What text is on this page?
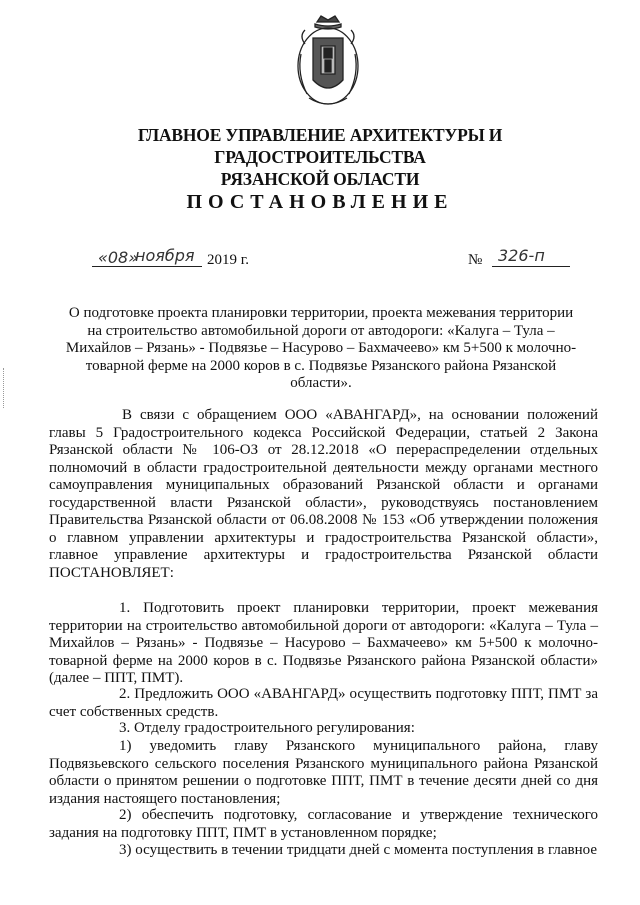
ГЛАВНОЕ УПРАВЛЕНИЕ АРХИТЕКТУРЫ И ГРАДОСТРОИТЕЛЬСТВА
РЯЗАНСКОЙ ОБЛАСТИ
ПОСТАНОВЛЕНИЕ
«08»
ноября 2019 г.	№ 326-п
О подготовке проекта планировки территории, проекта межевания территории на строительство автомобильной дороги от автодороги: «Калуга – Тула – Михайлов – Рязань» - Подвязье – Насурово – Бахмачеево» км 5+500 к молочно-товарной ферме на 2000 коров в с. Подвязье Рязанского района Рязанской области».
В связи с обращением ООО «АВАНГАРД», на основании положений главы 5 Градостроительного кодекса Российской Федерации, статьей 2 Закона Рязанской области № 106-ОЗ от 28.12.2018 «О перераспределении отдельных полномочий в области градостроительной деятельности между органами местного самоуправления муниципальных образований Рязанской области и органами государственной власти Рязанской области», руководствуясь постановлением Правительства Рязанской области от 06.08.2008 № 153 «Об утверждении положения о главном управлении архитектуры и градостроительства Рязанской области», главное управление архитектуры и градостроительства Рязанской области ПОСТАНОВЛЯЕТ:
1. Подготовить проект планировки территории, проект межевания территории на строительство автомобильной дороги от автодороги: «Калуга – Тула – Михайлов – Рязань» - Подвязье – Насурово – Бахмачеево» км 5+500 к молочно-товарной ферме на 2000 коров в с. Подвязье Рязанского района Рязанской области» (далее – ППТ, ПМТ).
2. Предложить ООО «АВАНГАРД» осуществить подготовку ППТ, ПМТ за счет собственных средств.
3. Отделу градостроительного регулирования:
1) уведомить главу Рязанского муниципального района, главу Подвязьевского сельского поселения Рязанского муниципального района Рязанской области о принятом решении о подготовке ППТ, ПМТ в течение десяти дней со дня издания настоящего постановления;
2) обеспечить подготовку, согласование и утверждение технического задания на подготовку ППТ, ПМТ в установленном порядке;
3) осуществить в течении тридцати дней с момента поступления в главное
